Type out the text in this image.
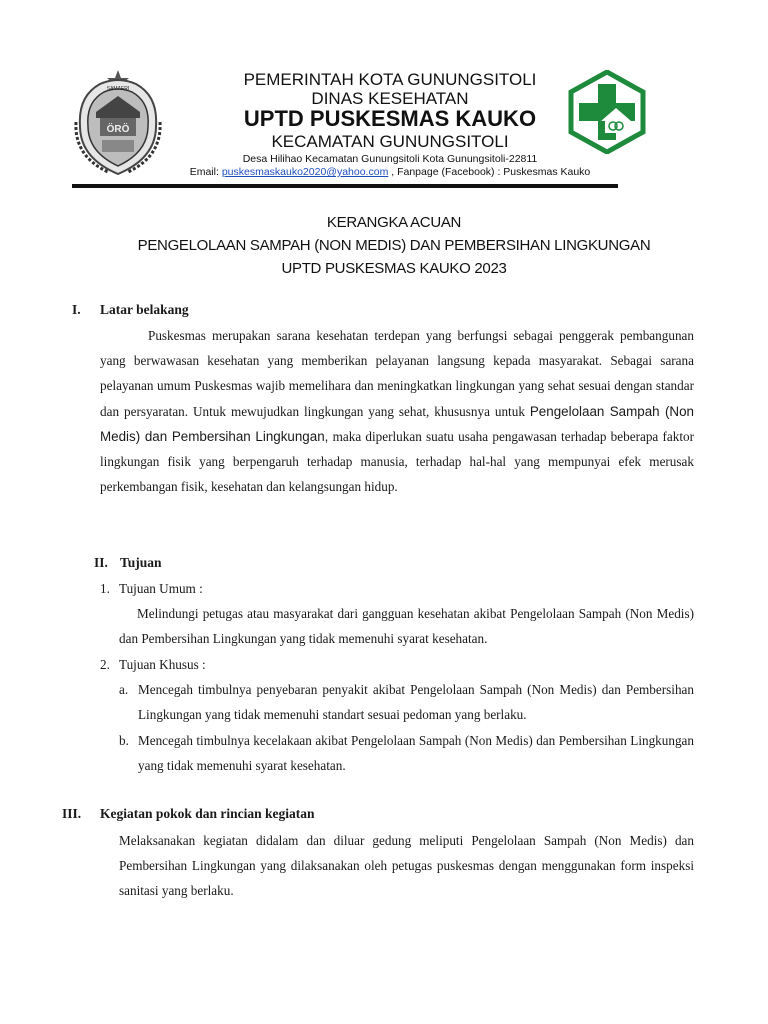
ÖRÖ
SAMAERI	PEMERINTAH KOTA GUNUNGSITOLI
DINAS KESEHATAN
UPTD PUSKESMAS KAUKO
KECAMATAN GUNUNGSITOLI
Desa Hilihao Kecamatan Gunungsitoli Kota Gunungsitoli-22811
Email: puskesmaskauko2020@yahoo.com , Fanpage (Facebook) : Puskesmas Kauko
KERANGKA ACUAN
PENGELOLAAN SAMPAH (NON MEDIS) DAN PEMBERSIHAN LINGKUNGAN
UPTD PUSKESMAS KAUKO 2023
I. Latar belakang
Puskesmas merupakan sarana kesehatan terdepan yang berfungsi sebagai penggerak pembangunan yang berwawasan kesehatan yang memberikan pelayanan langsung kepada masyarakat. Sebagai sarana pelayanan umum Puskesmas wajib memelihara dan meningkatkan lingkungan yang sehat sesuai dengan standar dan persyaratan. Untuk mewujudkan lingkungan yang sehat, khususnya untuk Pengelolaan Sampah (Non Medis) dan Pembersihan Lingkungan, maka diperlukan suatu usaha pengawasan terhadap beberapa faktor lingkungan fisik yang berpengaruh terhadap manusia, terhadap hal-hal yang mempunyai efek merusak perkembangan fisik, kesehatan dan kelangsungan hidup.
II. Tujuan
1. Tujuan Umum :
Melindungi petugas atau masyarakat dari gangguan kesehatan akibat Pengelolaan Sampah (Non Medis) dan Pembersihan Lingkungan yang tidak memenuhi syarat kesehatan.
2. Tujuan Khusus :
a. Mencegah timbulnya penyebaran penyakit akibat Pengelolaan Sampah (Non Medis) dan Pembersihan Lingkungan yang tidak memenuhi standart sesuai pedoman yang berlaku.
b. Mencegah timbulnya kecelakaan akibat Pengelolaan Sampah (Non Medis) dan Pembersihan Lingkungan yang tidak memenuhi syarat kesehatan.
III. Kegiatan pokok dan rincian kegiatan
Melaksanakan kegiatan didalam dan diluar gedung meliputi Pengelolaan Sampah (Non Medis) dan Pembersihan Lingkungan yang dilaksanakan oleh petugas puskesmas dengan menggunakan form inspeksi sanitasi yang berlaku.
